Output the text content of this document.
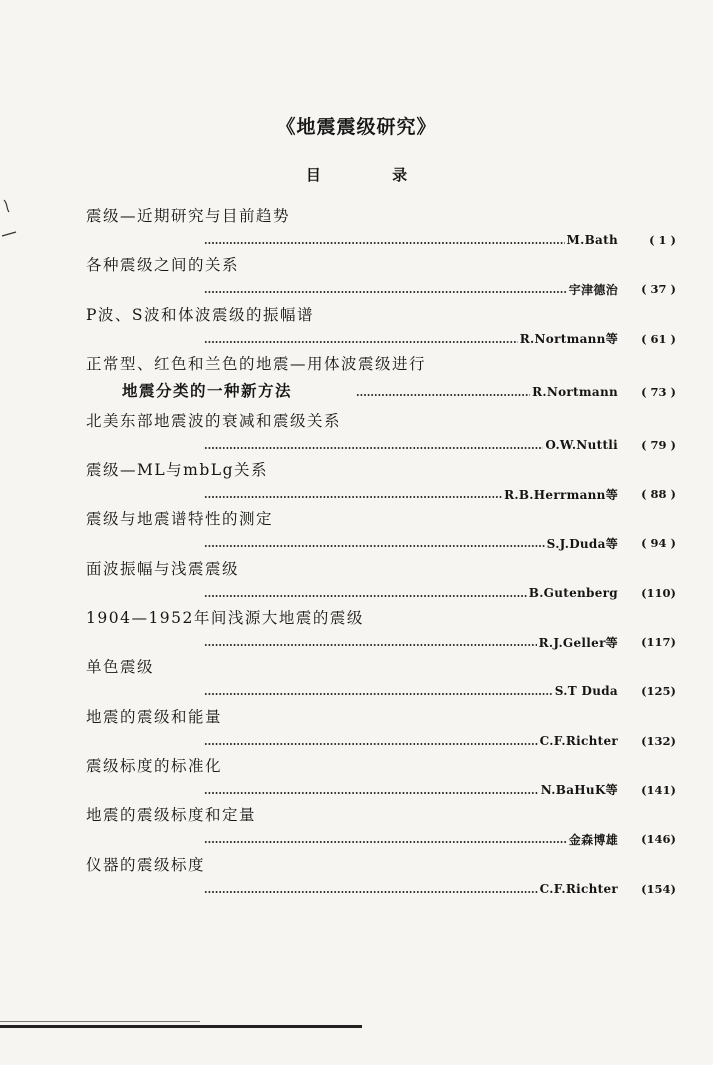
《地震震级研究》
目	录
震级—近期研究与目前趋势
M.Bath	( 1 )
各种震级之间的关系
宇津德治	( 37 )
P波、S波和体波震级的振幅谱
R.Nortmann等	( 61 )
正常型、红色和兰色的地震—用体波震级进行
地震分类的一种新方法	R.Nortmann	( 73 )
北美东部地震波的衰减和震级关系
O.W.Nuttli	( 79 )
震级—ML与mbLg关系
R.B.Herrmann等	( 88 )
震级与地震谱特性的测定
S.J.Duda等	( 94 )
面波振幅与浅震震级
B.Gutenberg	(110)
1904—1952年间浅源大地震的震级
R.J.Geller等	(117)
单色震级
S.T Duda	(125)
地震的震级和能量
C.F.Richter	(132)
震级标度的标准化
N.BaHuK等	(141)
地震的震级标度和定量
金森博雄	(146)
仪器的震级标度
C.F.Richter	(154)
